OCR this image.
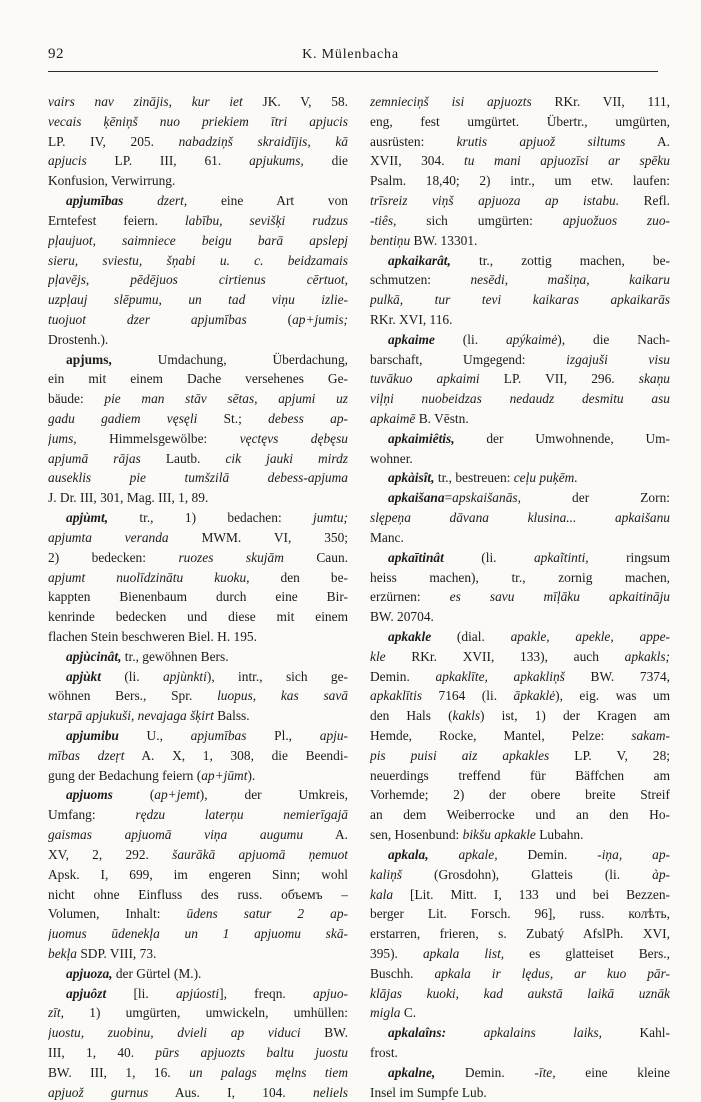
92	K. Mülenbacha
vairs nav zinājis, kur iet JK. V, 58.
vecais ķēniņš nuo priekiem ītri apjucis
LP. IV, 205. nabadziņš skraidījis, kā
apjucis LP. III, 61. apjukums, die
Konfusion, Verwirrung.
apjumības	dzert, eine Art von
Erntefest feiern. labību, sevišķi rudzus
pļaujuot, saimniece beigu barā apslepj
sieru, sviestu, šņabi u. c. beidzamais
pļavējs, pēdējuos cirtienus cērtuot,
uzpļauj slēpumu, un tad viņu izlie-
tuojuot dzer apjumības (ap+jumis;
Drostenh.).
apjums, Umdachung, Überdachung,
ein mit einem Dache versehenes Ge-
bäude: pie man stāv sētas, apjumi uz
gadu gadiem vęsęli St.; debess ap-
jums, Himmelsgewölbe: vęctęvs dębęsu
apjumā rājas Lautb. cik jauki mirdz
auseklis pie tumšzilā debess-apjuma
J. Dr. III, 301, Mag. III, 1, 89.
apjùmt, tr., 1) bedachen: jumtu;
apjumta veranda MWM. VI, 350;
2) bedecken: ruozes skujām Caun.
apjumt nuolīdzinātu kuoku, den be-
kappten Bienenbaum durch eine Bir-
kenrinde bedecken und diese mit einem
flachen Stein beschweren Biel. H. 195.
apjùcinât, tr., gewöhnen Bers.
apjùkt (li. apjùnkti), intr., sich ge-
wöhnen Bers., Spr. luopus, kas savā
starpā apjukuši, nevajaga šķirt Balss.
apjumibu U., apjumības Pl., apju-
mības dzeŗt A. X, 1, 308, die Beendi-
gung der Bedachung feiern (ap+jūmt).
apjuoms (ap+jemt), der Umkreis,
Umfang: rędzu laterņu nemierīgajā
gaismas apjuomā viņa augumu A.
XV, 2, 292. šaurākā apjuomā ņemuot
Apsk. I, 699, im engeren Sinn; wohl
nicht ohne Einfluss des russ. объемъ –
Volumen, Inhalt: ūdens satur 2 ap-
juomus ūdenekļa un 1 apjuomu skā-
bekļa SDP. VIII, 73.
apjuoza, der Gürtel (M.).
apjuôzt [li. apjúosti], freqn. apjuo-
zīt, 1) umgürten, umwickeln, umhüllen:
juostu, zuobinu, dvieli ap viduci BW.
III, 1, 40. pūrs apjuozts baltu juostu
BW. III, 1, 16. un palags męlns tiem
apjuož gurnus Aus. I, 104. neliels
zemnieciņš isi apjuozts RKr. VII, 111,
eng, fest umgürtet. Übertr., umgürten,
ausrüsten: krutis apjuož siltums A.
XVII, 304. tu mani apjuozīsi ar spēku
Psalm. 18,40; 2) intr., um etw. laufen:
trīsreiz viņš apjuoza ap istabu. Refl.
-tiês, sich umgürten: apjuožuos zuo-
bentiņu BW. 13301.
apkaikarât, tr., zottig machen, be-
schmutzen: nesēdi, mašiņa, kaikaru
pulkā, tur tevi kaikaras apkaikarās
RKr. XVI, 116.
apkaime (li. apýkaimė), die Nach-
barschaft, Umgegend: izgajuši visu
tuvākuo apkaimi LP. VII, 296. skaņu
viļņi nuobeidzas nedaudz desmitu asu
apkaimē B. Vēstn.
apkaimiêtis, der Umwohnende, Um-
wohner.
apkàisît, tr., bestreuen: ceļu puķēm.
apkaišana=apskaišanās, der Zorn:
slępeņa dāvana klusina... apkaišanu
Manc.
apkaītinât (li. apkaĩtinti, ringsum
heiss machen), tr., zornig machen,
erzürnen: es savu mīļāku apkaitināju
BW. 20704.
apkakle (dial. apakle, apekle, appe-
kle RKr. XVII, 133), auch apkakls;
Demin. apkaklīte, apkakliņš BW. 7374,
apkaklītis 7164 (li. āpkaklė), eig. was um
den Hals (kakls) ist, 1) der Kragen am
Hemde, Rocke, Mantel, Pelze: sakam-
pis puisi aiz apkakles LP. V, 28;
neuerdings treffend für Bäffchen am
Vorhemde; 2) der obere breite Streif
an dem Weiberrocke und an den Ho-
sen, Hosenbund: bikšu apkakle Lubahn.
apkala, apkale, Demin. -iņa, ap-
kaliņš (Grosdohn), Glatteis (li. àp-
kala [Lit. Mitt. I, 133 und bei Bezzen-
berger Lit. Forsch. 96], russ. колѣть,
erstarren, frieren, s. Zubatý AfslPh. XVI,
395). apkala list, es glatteiset Bers.,
Buschh. apkala ir lędus, ar kuo pār-
klājas kuoki, kad aukstā laikā uznāk
migla C.
apkalaîns:	apkalains laiks, Kahl-
frost.
apkalne, Demin. -īte, eine kleine
Insel im Sumpfe Lub.
